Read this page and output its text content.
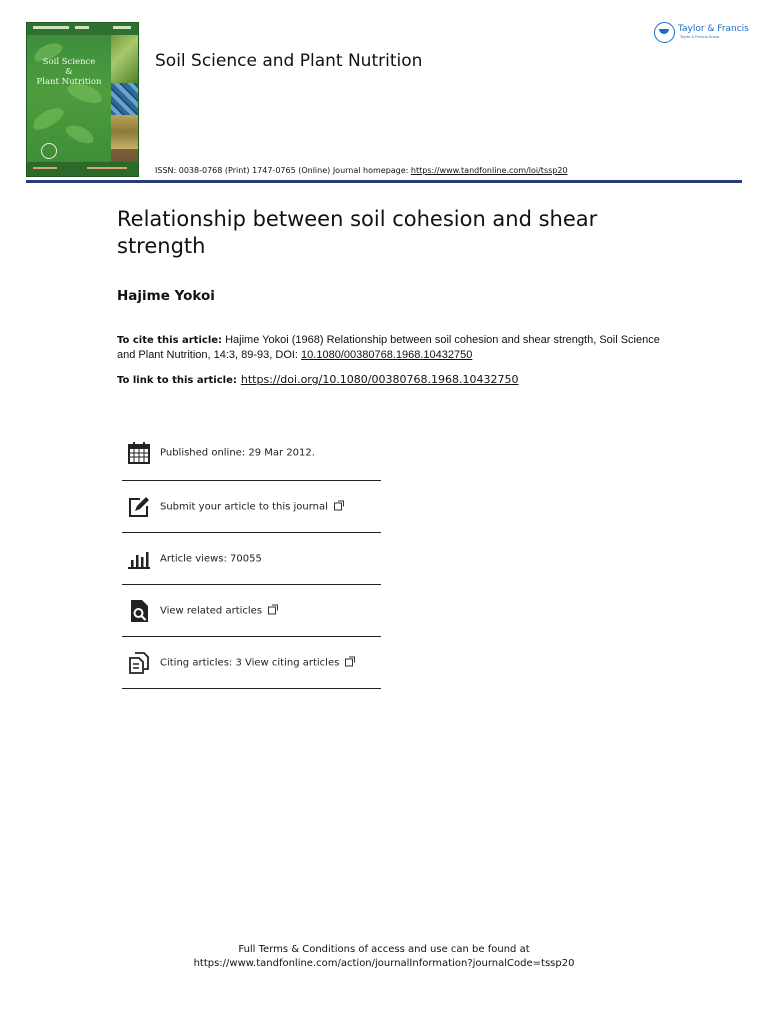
Soil Science
&
Plant Nutrition
Soil Science and Plant Nutrition
Taylor & Francis
Taylor & Francis Group
ISSN: 0038-0768 (Print) 1747-0765 (Online) Journal homepage: https://www.tandfonline.com/loi/tssp20
Relationship between soil cohesion and shear strength
Hajime Yokoi
To cite this article: Hajime Yokoi (1968) Relationship between soil cohesion and shear strength, Soil Science and Plant Nutrition, 14:3, 89-93, DOI: 10.1080/00380768.1968.10432750
To link to this article: https://doi.org/10.1080/00380768.1968.10432750
Published online: 29 Mar 2012.
Submit your article to this journal
Article views: 70055
View related articles
Citing articles: 3 View citing articles
Full Terms & Conditions of access and use can be found at
https://www.tandfonline.com/action/journalInformation?journalCode=tssp20
